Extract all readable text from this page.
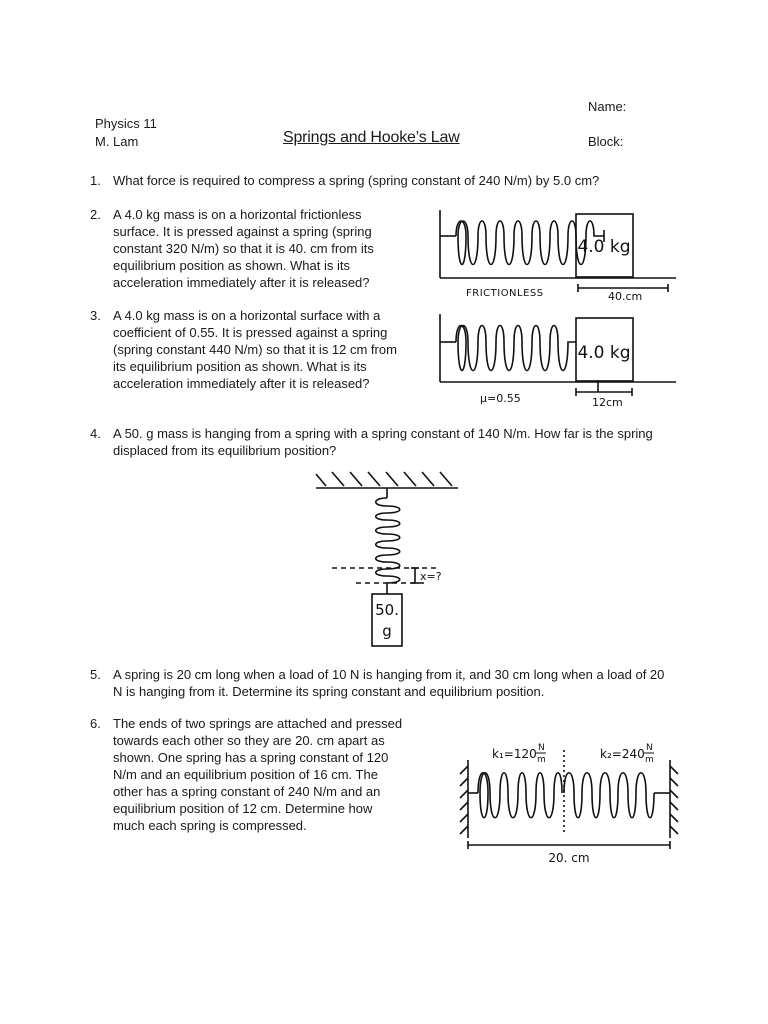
Name:
Physics 11
M. Lam	Springs and Hooke’s Law	Block:
1. What force is required to compress a spring (spring constant of 240 N/m) by 5.0 cm?
2. A 4.0 kg mass is on a horizontal frictionless surface. It is pressed against a spring (spring constant 320 N/m) so that it is 40. cm from its equilibrium position as shown. What is its acceleration immediately after it is released?
4.0 kg
FRICTIONLESS	40.cm
3. A 4.0 kg mass is on a horizontal surface with a coefficient of 0.55. It is pressed against a spring (spring constant 440 N/m) so that it is 12 cm from its equilibrium position as shown. What is its acceleration immediately after it is released?
4.0 kg
μ=0.55	12cm
4. A 50. g mass is hanging from a spring with a spring constant of 140 N/m. How far is the spring displaced from its equilibrium position?
x=?
50.
g
5. A spring is 20 cm long when a load of 10 N is hanging from it, and 30 cm long when a load of 20 N is hanging from it. Determine its spring constant and equilibrium position.
6. The ends of two springs are attached and pressed towards each other so they are 20. cm apart as shown. One spring has a spring constant of 120 N/m and an equilibrium position of 16 cm. The other has a spring constant of 240 N/m and an equilibrium position of 12 cm. Determine how much each spring is compressed.
k₁=120 N
m	k₂=240 N
m
20. cm
